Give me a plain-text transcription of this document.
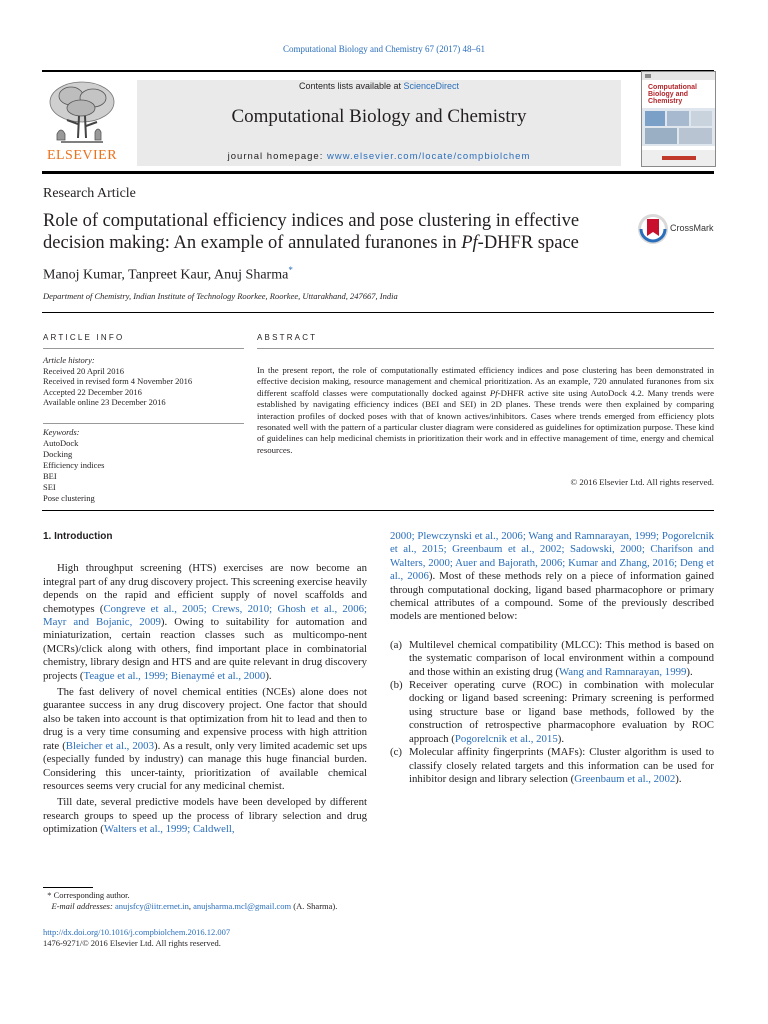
Computational Biology and Chemistry 67 (2017) 48–61
ELSEVIER
Contents lists available at ScienceDirect
Computational Biology and Chemistry
journal homepage: www.elsevier.com/locate/compbiolchem
Computational Biology and Chemistry
Research Article
Role of computational efficiency indices and pose clustering in effective
decision making: An example of annulated furanones in Pf-DHFR space
CrossMark
Manoj Kumar, Tanpreet Kaur, Anuj Sharma*
Department of Chemistry, Indian Institute of Technology Roorkee, Roorkee, Uttarakhand, 247667, India
ARTICLE INFO	ABSTRACT
Article history:
Received 20 April 2016
Received in revised form 4 November 2016
Accepted 22 December 2016
Available online 23 December 2016
Keywords:
AutoDock
Docking
Efficiency indices
BEI
SEI
Pose clustering
In the present report, the role of computationally estimated efficiency indices and pose clustering has been demonstrated in effective decision making, resource management and chemical prioritization. As an example, 720 annulated furanones from six different scaffold classes were computationally docked against Pf-DHFR active site using AutoDock 4.2. Many trends were established by navigating efficiency indices (BEI and SEI) in 2D planes. These trends were then explained by comparing interaction profiles of docked poses with that of known actives/inhibitors. Cases where trends emerged from efficiency plots resonated well with the pattern of a particular cluster diagram were considered as guidelines for optimization purpose. These kind of guidelines can help medicinal chemists in prioritization their work and in effective management of time, energy and chemical resources.
© 2016 Elsevier Ltd. All rights reserved.
1. Introduction

High throughput screening (HTS) exercises are now become an integral part of any drug discovery project. This screening exercise heavily depends on the rapid and efficient supply of novel scaffolds and chemotypes (Congreve et al., 2005; Crews, 2010; Ghosh et al., 2006; Mayr and Bojanic, 2009). Owing to suitability for automation and miniaturization, certain reaction classes such as multicompo-nent (MCRs)/click along with others, find important place in combinatorial chemistry, library design and HTS and are quite relevant in drug discovery projects (Teague et al., 1999; Bienaymé et al., 2000).

The fast delivery of novel chemical entities (NCEs) alone does not guarantee success in any drug discovery project. One factor that should also be taken into account is that optimization from hit to lead and then to drug is a very time consuming and expensive process with high attrition rate (Bleicher et al., 2003). As a result, only very limited academic set ups (especially funded by industry) can manage this huge financial burden. Considering this uncer-tainty, prioritization of available chemical resources seems very crucial for any medicinal chemist.

Till date, several predictive models have been developed by different research groups to speed up the process of library selection and drug optimization (Walters et al., 1999; Caldwell,

2000; Plewczynski et al., 2006; Wang and Ramnarayan, 1999; Pogorelcnik et al., 2015; Greenbaum et al., 2002; Sadowski, 2000; Charifson and Walters, 2000; Auer and Bajorath, 2006; Kumar and Zhang, 2016; Deng et al., 2006). Most of these methods rely on a piece of information gained through computational docking, ligand based pharmacophore or primary chemical attributes of a compound. Some of the previously described models are mentioned below:

(a) Multilevel chemical compatibility (MLCC): This method is based on the systematic comparison of local environment within a compound and those within an existing drug (Wang and Ramnarayan, 1999).
(b) Receiver operating curve (ROC) in combination with molecular docking or ligand based screening: Primary screening is performed using structure base or ligand base methods, followed by the construction of retrospective pharmacophore evaluation by ROC approach (Pogorelcnik et al., 2015).
(c) Molecular affinity fingerprints (MAFs): Cluster algorithm is used to classify closely related targets and this information can be used for inhibitor design and library selection (Greenbaum et al., 2002).
* Corresponding author.
E-mail addresses: anujsfcy@iitr.ernet.in, anujsharma.mcl@gmail.com (A. Sharma).
http://dx.doi.org/10.1016/j.compbiolchem.2016.12.007
1476-9271/© 2016 Elsevier Ltd. All rights reserved.
